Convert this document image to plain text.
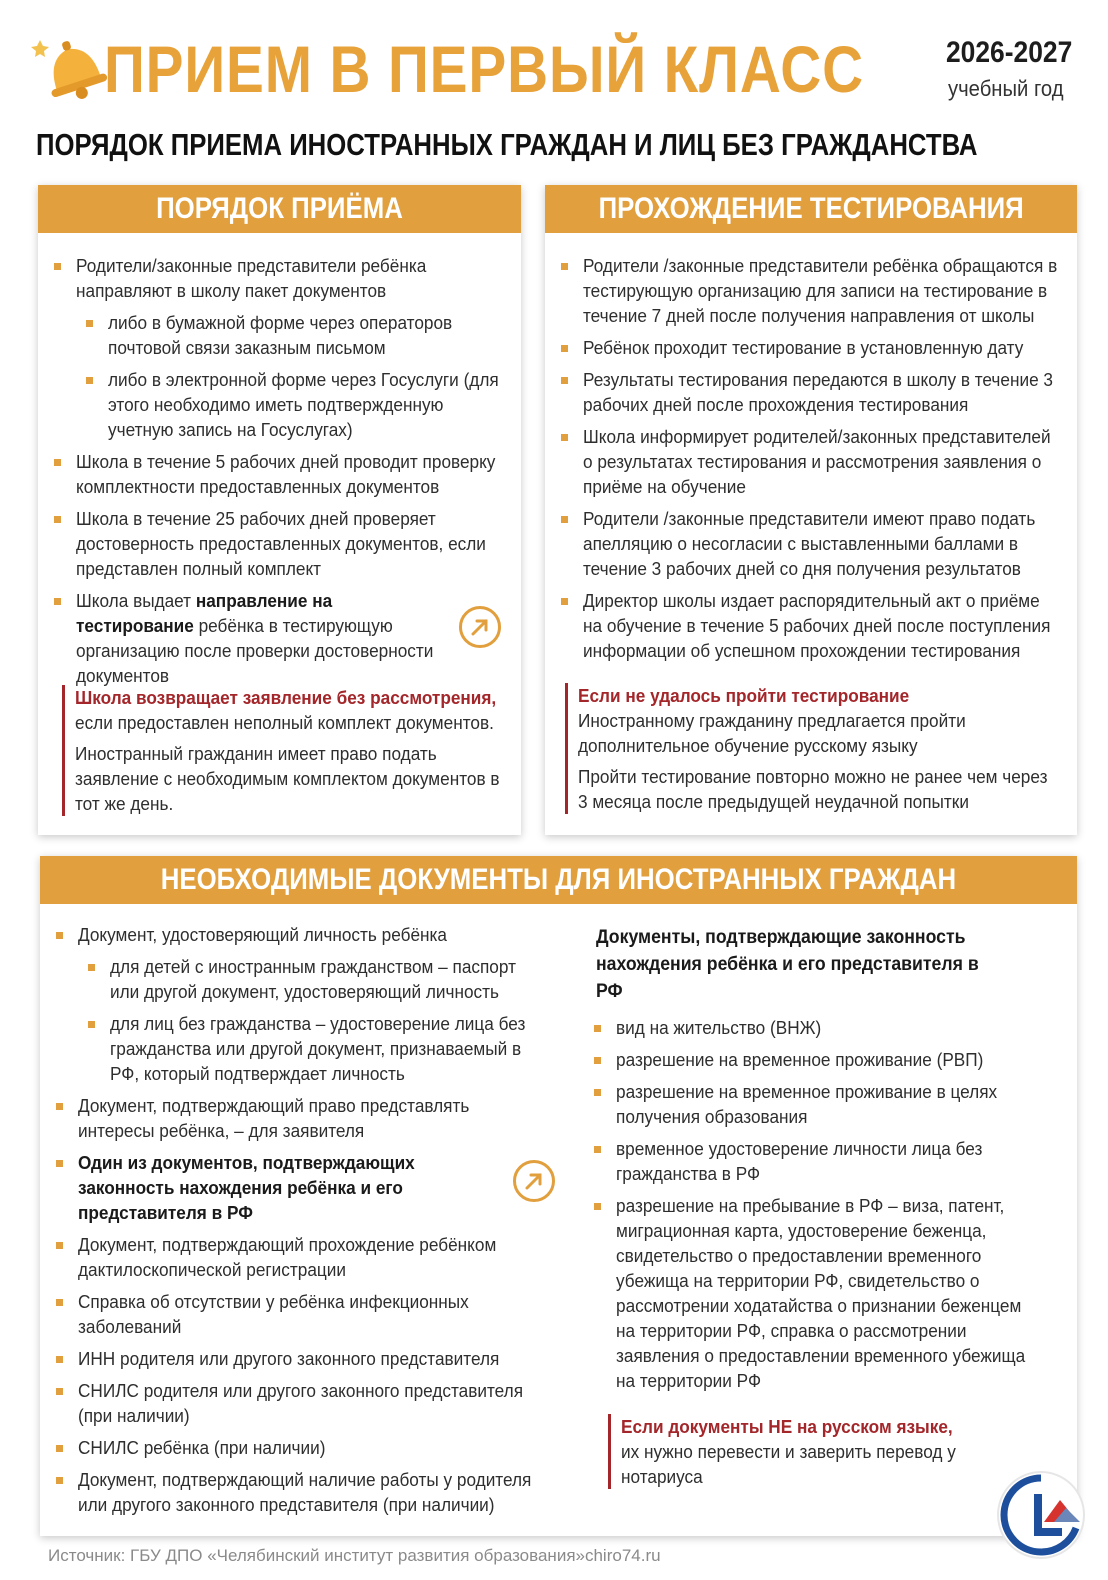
ПРИЕМ В ПЕРВЫЙ КЛАСС	2026-2027
учебный год
ПОРЯДОК ПРИЕМА ИНОСТРАННЫХ ГРАЖДАН И ЛИЦ БЕЗ ГРАЖДАНСТВА
ПОРЯДОК ПРИЁМА
Родители/законные представители ребёнка направляют в школу пакет документов
либо в бумажной форме через операторов почтовой связи заказным письмом
либо в электронной форме через Госуслуги (для этого необходимо иметь подтвержденную учетную запись на Госуслугах)
Школа в течение 5 рабочих дней проводит проверку комплектности предоставленных документов
Школа в течение 25 рабочих дней проверяет достоверность предоставленных документов, если представлен полный комплект
Школа выдает направление на тестирование ребёнка в тестирующую организацию после проверки достоверности документов
Школа возвращает заявление без рассмотрения,

если предоставлен неполный комплект документов.

Иностранный гражданин имеет право подать заявление с необходимым комплектом документов в тот же день.

ПРОХОЖДЕНИЕ ТЕСТИРОВАНИЯ
Родители /законные представители ребёнка обращаются в тестирующую организацию для записи на тестирование в течение 7 дней после получения направления от школы
Ребёнок проходит тестирование в установленную дату
Результаты тестирования передаются в школу в течение 3 рабочих дней после прохождения тестирования
Школа информирует родителей/законных представителей о результатах тестирования и рассмотрения заявления о приёме на обучение
Родители /законные представители имеют право подать апелляцию о несогласии с выставленными баллами в течение 3 рабочих дней со дня получения результатов
Директор школы издает распорядительный акт о приёме на обучение в течение 5 рабочих дней после поступления информации об успешном прохождении тестирования
Если не удалось пройти тестирование

Иностранному гражданину предлагается пройти дополнительное обучение русскому языку

Пройти тестирование повторно можно не ранее чем через 3 месяца после предыдущей неудачной попытки

НЕОБХОДИМЫЕ ДОКУМЕНТЫ ДЛЯ ИНОСТРАННЫХ ГРАЖДАН
Документ, удостоверяющий личность ребёнка
для детей с иностранным гражданством – паспорт или другой документ, удостоверяющий личность
для лиц без гражданства – удостоверение лица без гражданства или другой документ, признаваемый в РФ, который подтверждает личность
Документ, подтверждающий право представлять интересы ребёнка, – для заявителя
Один из документов, подтверждающих законность нахождения ребёнка и его представителя в РФ
Документ, подтверждающий прохождение ребёнком дактилоскопической регистрации
Справка об отсутствии у ребёнка инфекционных заболеваний
ИНН родителя или другого законного представителя
СНИЛС родителя или другого законного представителя (при наличии)
СНИЛС ребёнка (при наличии)
Документ, подтверждающий наличие работы у родителя или другого законного представителя (при наличии)
Документы, подтверждающие законность нахождения ребёнка и его представителя в РФ
вид на жительство (ВНЖ)
разрешение на временное проживание (РВП)
разрешение на временное проживание в целях получения образования
временное удостоверение личности лица без гражданства в РФ
разрешение на пребывание в РФ – виза, патент, миграционная карта, удостоверение беженца, свидетельство о предоставлении временного убежища на территории РФ, свидетельство о рассмотрении ходатайства о признании беженцем на территории РФ, справка о рассмотрении заявления о предоставлении временного убежища на территории РФ
Если документы НЕ на русском языке,

их нужно перевести и заверить перевод у нотариуса

Источник: ГБУ ДПО «Челябинский институт развития образования»chiro74.ru
